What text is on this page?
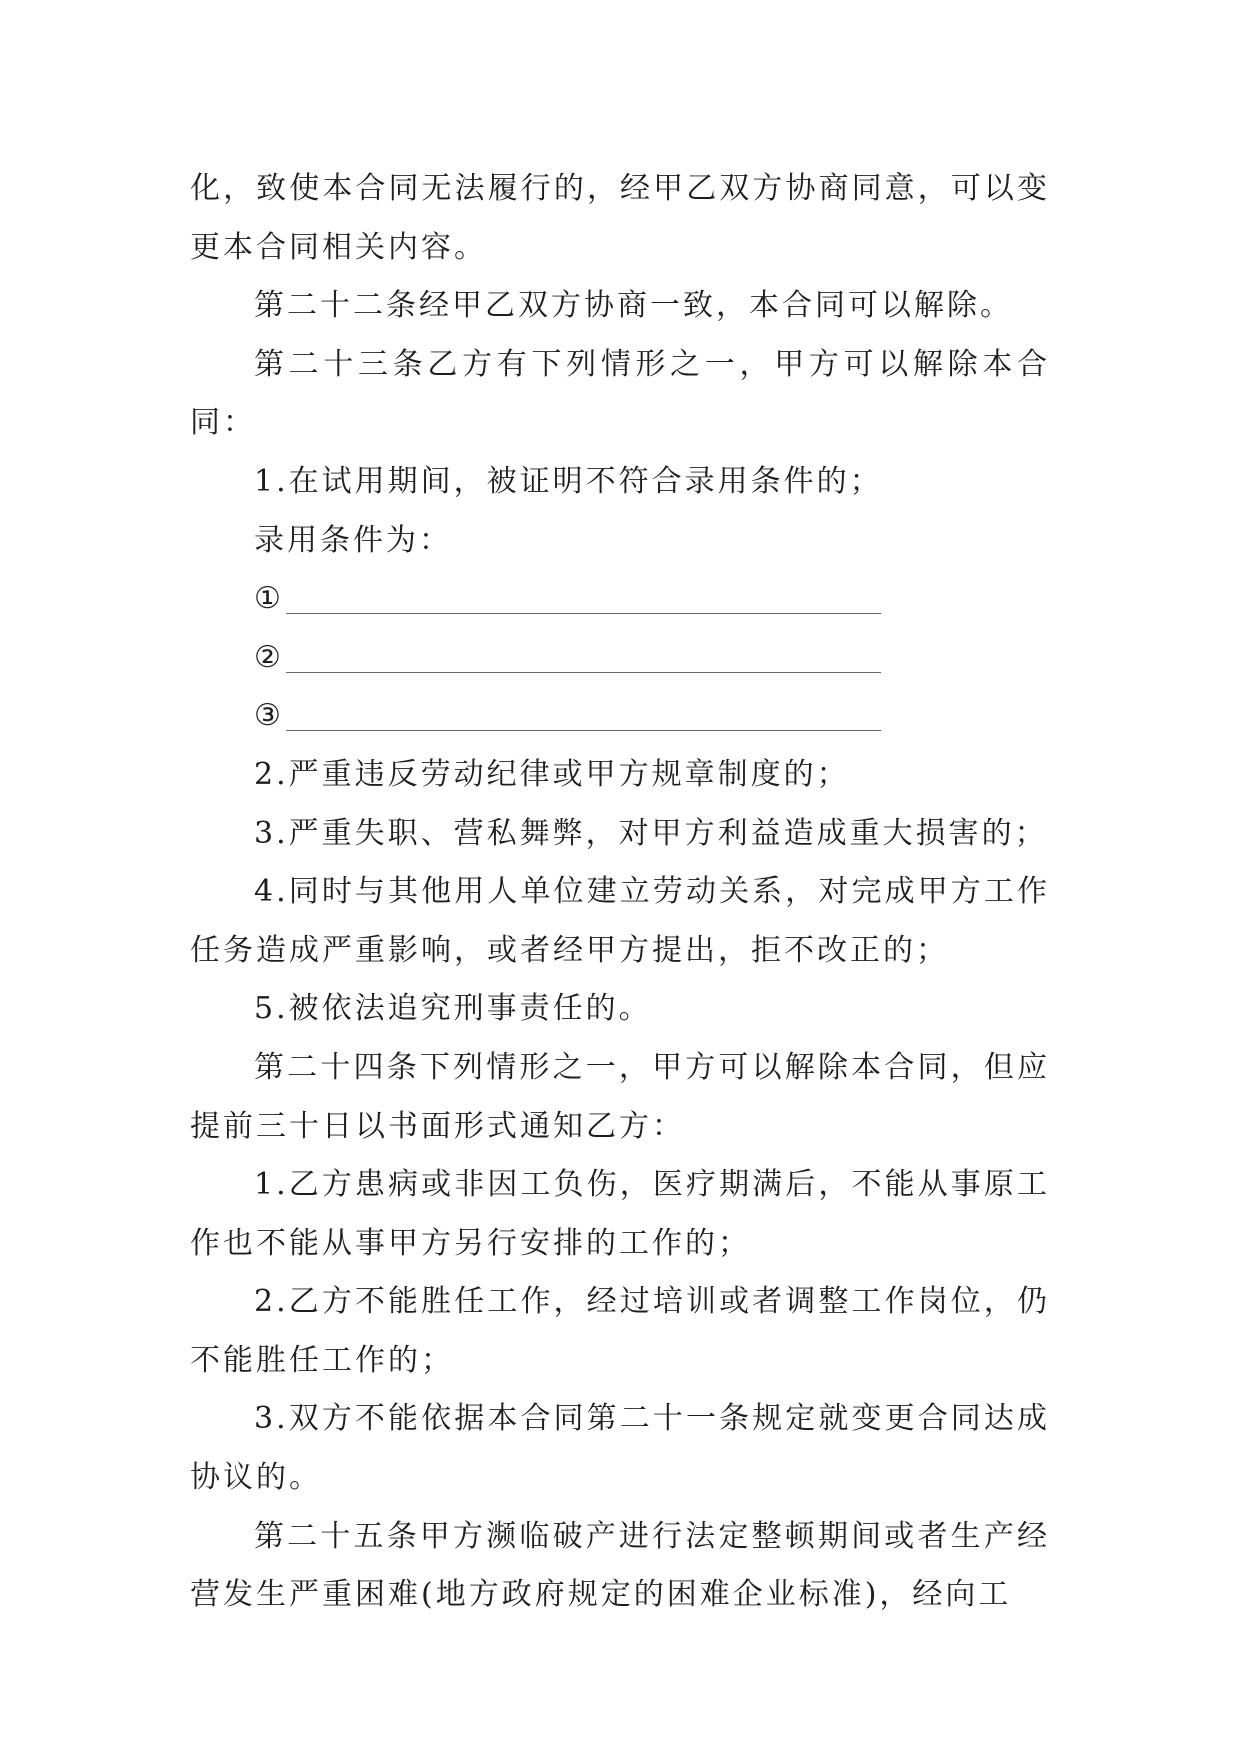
化，致使本合同无法履行的，经甲乙双方协商同意，可以变更本合同相关内容。

第二十二条经甲乙双方协商一致，本合同可以解除。

第二十三条乙方有下列情形之一，甲方可以解除本合同：

1.在试用期间，被证明不符合录用条件的；

录用条件为：

①
②
③

2.严重违反劳动纪律或甲方规章制度的；

3.严重失职、营私舞弊，对甲方利益造成重大损害的；

4.同时与其他用人单位建立劳动关系，对完成甲方工作任务造成严重影响，或者经甲方提出，拒不改正的；

5.被依法追究刑事责任的。

第二十四条下列情形之一，甲方可以解除本合同，但应提前三十日以书面形式通知乙方：

1.乙方患病或非因工负伤，医疗期满后，不能从事原工作也不能从事甲方另行安排的工作的；

2.乙方不能胜任工作，经过培训或者调整工作岗位，仍不能胜任工作的；

3.双方不能依据本合同第二十一条规定就变更合同达成协议的。

第二十五条甲方濒临破产进行法定整顿期间或者生产经营发生严重困难(地方政府规定的困难企业标准)，经向工
